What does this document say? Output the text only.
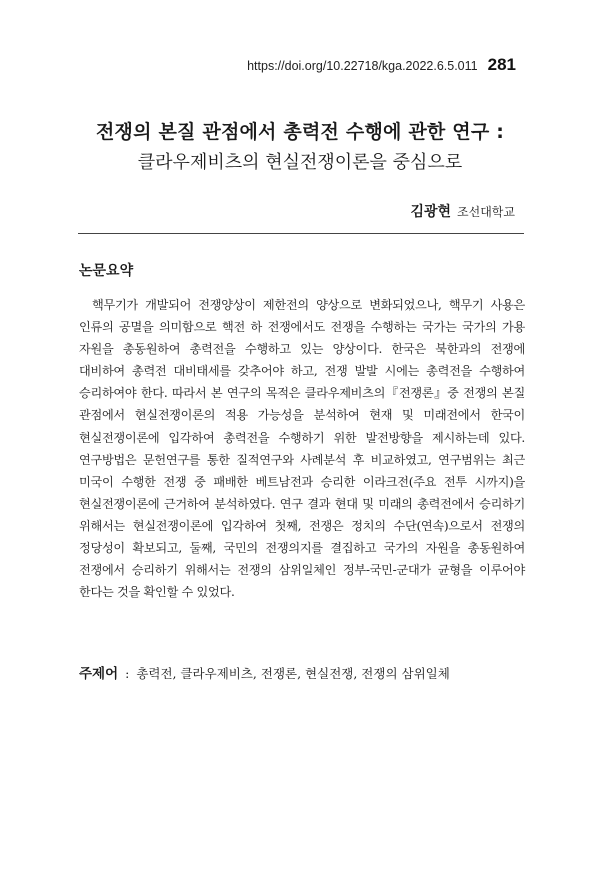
https://doi.org/10.22718/kga.2022.6.5.011 281
전쟁의 본질 관점에서 총력전 수행에 관한 연구 :
클라우제비츠의 현실전쟁이론을 중심으로
김광현 조선대학교
논문요약

핵무기가 개발되어 전쟁양상이 제한전의 양상으로 변화되었으나, 핵무기 사용은 인류의 공멸을 의미함으로 핵전 하 전쟁에서도 전쟁을 수행하는 국가는 국가의 가용 자원을 총동원하여 총력전을 수행하고 있는 양상이다. 한국은 북한과의 전쟁에 대비하여 총력전 대비태세를 갖추어야 하고, 전쟁 발발 시에는 총력전을 수행하여 승리하여야 한다. 따라서 본 연구의 목적은 클라우제비츠의『전쟁론』중 전쟁의 본질 관점에서 현실전쟁이론의 적용 가능성을 분석하여 현재 및 미래전에서 한국이 현실전쟁이론에 입각하여 총력전을 수행하기 위한 발전방향을 제시하는데 있다. 연구방법은 문헌연구를 통한 질적연구와 사례분석 후 비교하였고, 연구범위는 최근 미국이 수행한 전쟁 중 패배한 베트남전과 승리한 이라크전(주요 전투 시까지)을 현실전쟁이론에 근거하여 분석하였다. 연구 결과 현대 및 미래의 총력전에서 승리하기 위해서는 현실전쟁이론에 입각하여 첫째, 전쟁은 정치의 수단(연속)으로서 전쟁의 정당성이 확보되고, 둘째, 국민의 전쟁의지를 결집하고 국가의 자원을 총동원하여 전쟁에서 승리하기 위해서는 전쟁의 삼위일체인 정부-국민-군대가 균형을 이루어야 한다는 것을 확인할 수 있었다.

주제어 : 총력전, 클라우제비츠, 전쟁론, 현실전쟁, 전쟁의 삼위일체
